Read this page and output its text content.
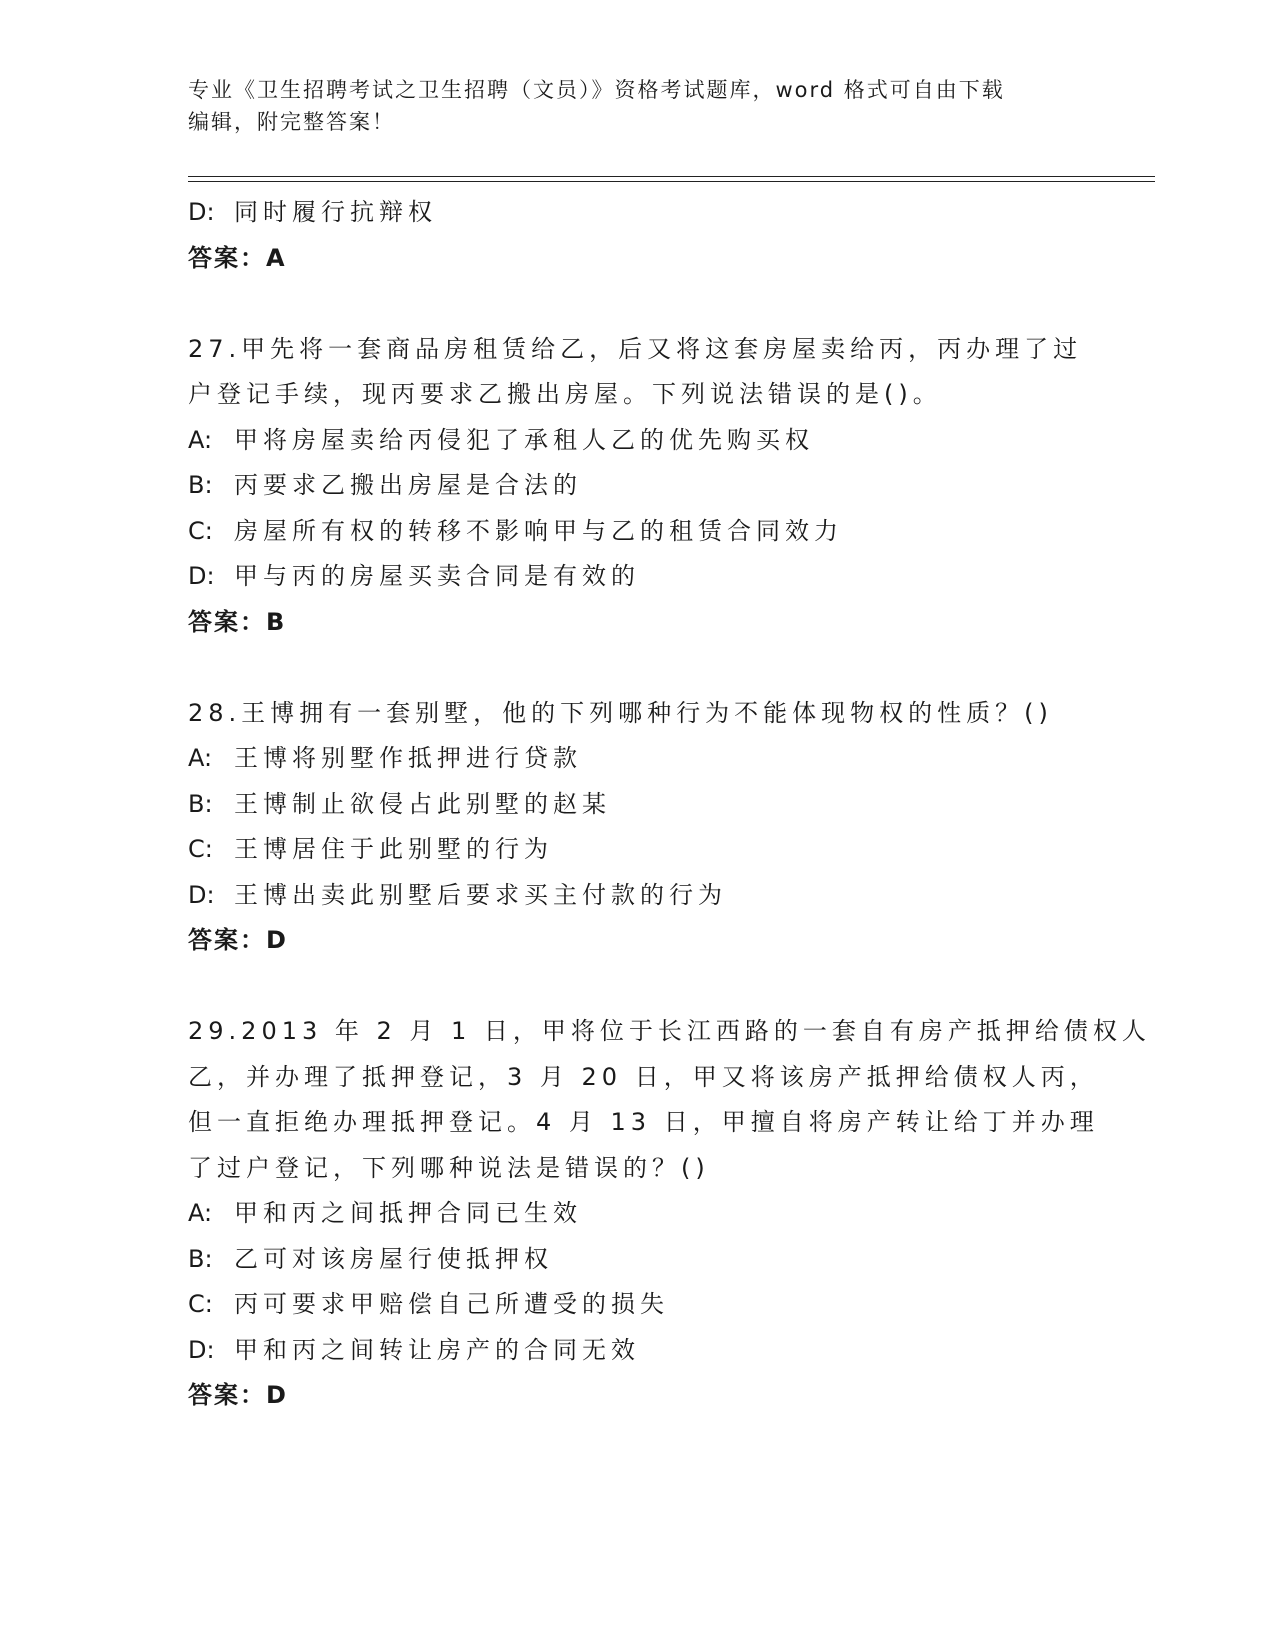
专业《卫生招聘考试之卫生招聘（文员）》资格考试题库，word 格式可自由下载
编辑，附完整答案！
D: 同时履行抗辩权
答案：A
27.甲先将一套商品房租赁给乙，后又将这套房屋卖给丙，丙办理了过
户登记手续，现丙要求乙搬出房屋。下列说法错误的是()。
A: 甲将房屋卖给丙侵犯了承租人乙的优先购买权
B: 丙要求乙搬出房屋是合法的
C: 房屋所有权的转移不影响甲与乙的租赁合同效力
D: 甲与丙的房屋买卖合同是有效的
答案：B
28.王博拥有一套别墅，他的下列哪种行为不能体现物权的性质？()
A: 王博将别墅作抵押进行贷款
B: 王博制止欲侵占此别墅的赵某
C: 王博居住于此别墅的行为
D: 王博出卖此别墅后要求买主付款的行为
答案：D
29.2013 年 2 月 1 日，甲将位于长江西路的一套自有房产抵押给债权人
乙，并办理了抵押登记，3 月 20 日，甲又将该房产抵押给债权人丙，
但一直拒绝办理抵押登记。4 月 13 日，甲擅自将房产转让给丁并办理
了过户登记，下列哪种说法是错误的？()
A: 甲和丙之间抵押合同已生效
B: 乙可对该房屋行使抵押权
C: 丙可要求甲赔偿自己所遭受的损失
D: 甲和丙之间转让房产的合同无效
答案：D
